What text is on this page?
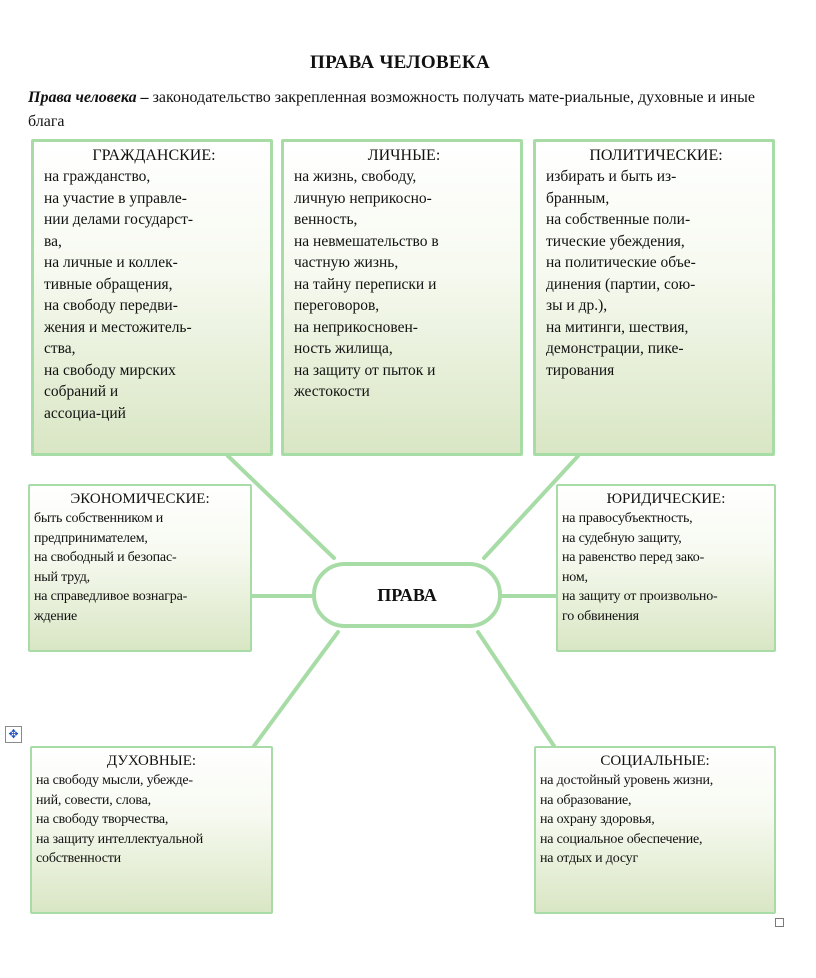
ПРАВА ЧЕЛОВЕКА
Права человека – законодательство закрепленная возможность получать мате-риальные, духовные и иные блага
ГРАЖДАНСКИЕ:
на гражданство,
на участие в управле-
нии делами государст-
ва,
на личные и коллек-
тивные обращения,
на свободу передви-
жения и местожитель-
ства,
на свободу мирских
собраний и
ассоциа-ций
ЛИЧНЫЕ:
на жизнь, свободу,
личную неприкосно-
венность,
на невмешательство в
частную жизнь,
на тайну переписки и
переговоров,
на неприкосновен-
ность жилища,
на защиту от пыток и
жестокости
ПОЛИТИЧЕСКИЕ:
избирать и быть из-
бранным,
на собственные поли-
тические убеждения,
на политические объе-
динения (партии, сою-
зы и др.),
на митинги, шествия,
демонстрации, пике-
тирования
ЭКОНОМИЧЕСКИЕ:
быть собственником и
предпринимателем,
на свободный и безопас-
ный труд,
на справедливое вознагра-
ждение
ЮРИДИЧЕСКИЕ:
на правосубъектность,
на судебную защиту,
на равенство перед зако-
ном,
на защиту от произвольно-
го обвинения
ДУХОВНЫЕ:
на свободу мысли, убежде-
ний, совести, слова,
на свободу творчества,
на защиту интеллектуальной
собственности
СОЦИАЛЬНЫЕ:
на достойный уровень жизни,
на образование,
на охрану здоровья,
на социальное обеспечение,
на отдых и досуг
ПРАВА
✥
